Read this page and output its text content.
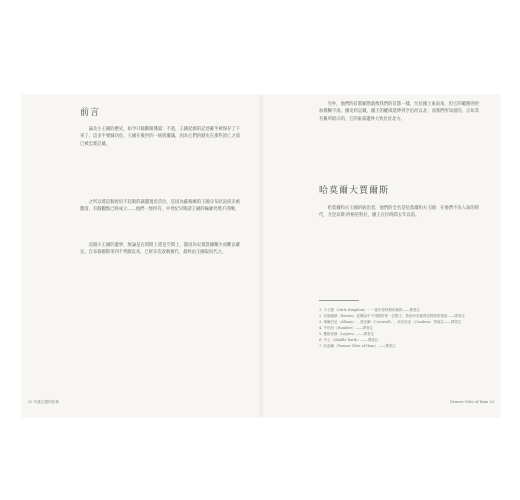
前言

論及小王國的歷史，如今只餘斷簡殘篇：不過，王國起源的記述確乎被保存了下來了；這多半要歸功於，王國在後世的一統與覆滅，因為它們的歷史在那些消亡之前已被忠實記載。

之所以將這個看似不起眼的議題置於首位，是因為蘇格蘭的王國分布狀況尚未被釐清，有個觀點已經成立……他們一無所有，中世紀早期諸王國的輪廓仍然不清晰。

這個小王國的邊界，無論是在時間上還是空間上，都因為史實證據稀少而難以確定。自布魯圖斯來到不列顛以來，已經多次改朝換代，最終由王國取而代之。

22 失落王國的故事

另外，他們的首都顯然就像我們的首都一樣，位於國土東南角，但它的範圍則更加模糊不清。據史料記載，國王的權威延伸到亨伯河以北；而我們所知道的，正如其名稱所暗示的，它的東部邊界大致位於北方。

哈莫爾大賈爾斯

哈莫爾和夫王國的統治者，他們的全名是哈莫爾和夫王國：在他們不為人知的時代，尤里烏斯·阿格里科拉，國王在位時間五年以前。

1. 小王國（Little Kingdom）一一當作者時期所稱的——譯者注

2. 布魯圖斯（Brutus）是傳說中不列顛的第一位國王，特洛伊英雄埃涅阿斯的後裔——譯者注

3. 奧爾巴尼（Albany）、康沃爾（Cornwall）、坎布里亞（Cambria）等地名——譯者注

4. 亨伯河（Humber）——譯者注

5. 羅格里斯（Logres）——譯者注

6. 中土（Middle Earth）——譯者注

7. 哈莫爾（Farmer Giles of Ham）——譯者注

Farmer Giles of Ham 23
